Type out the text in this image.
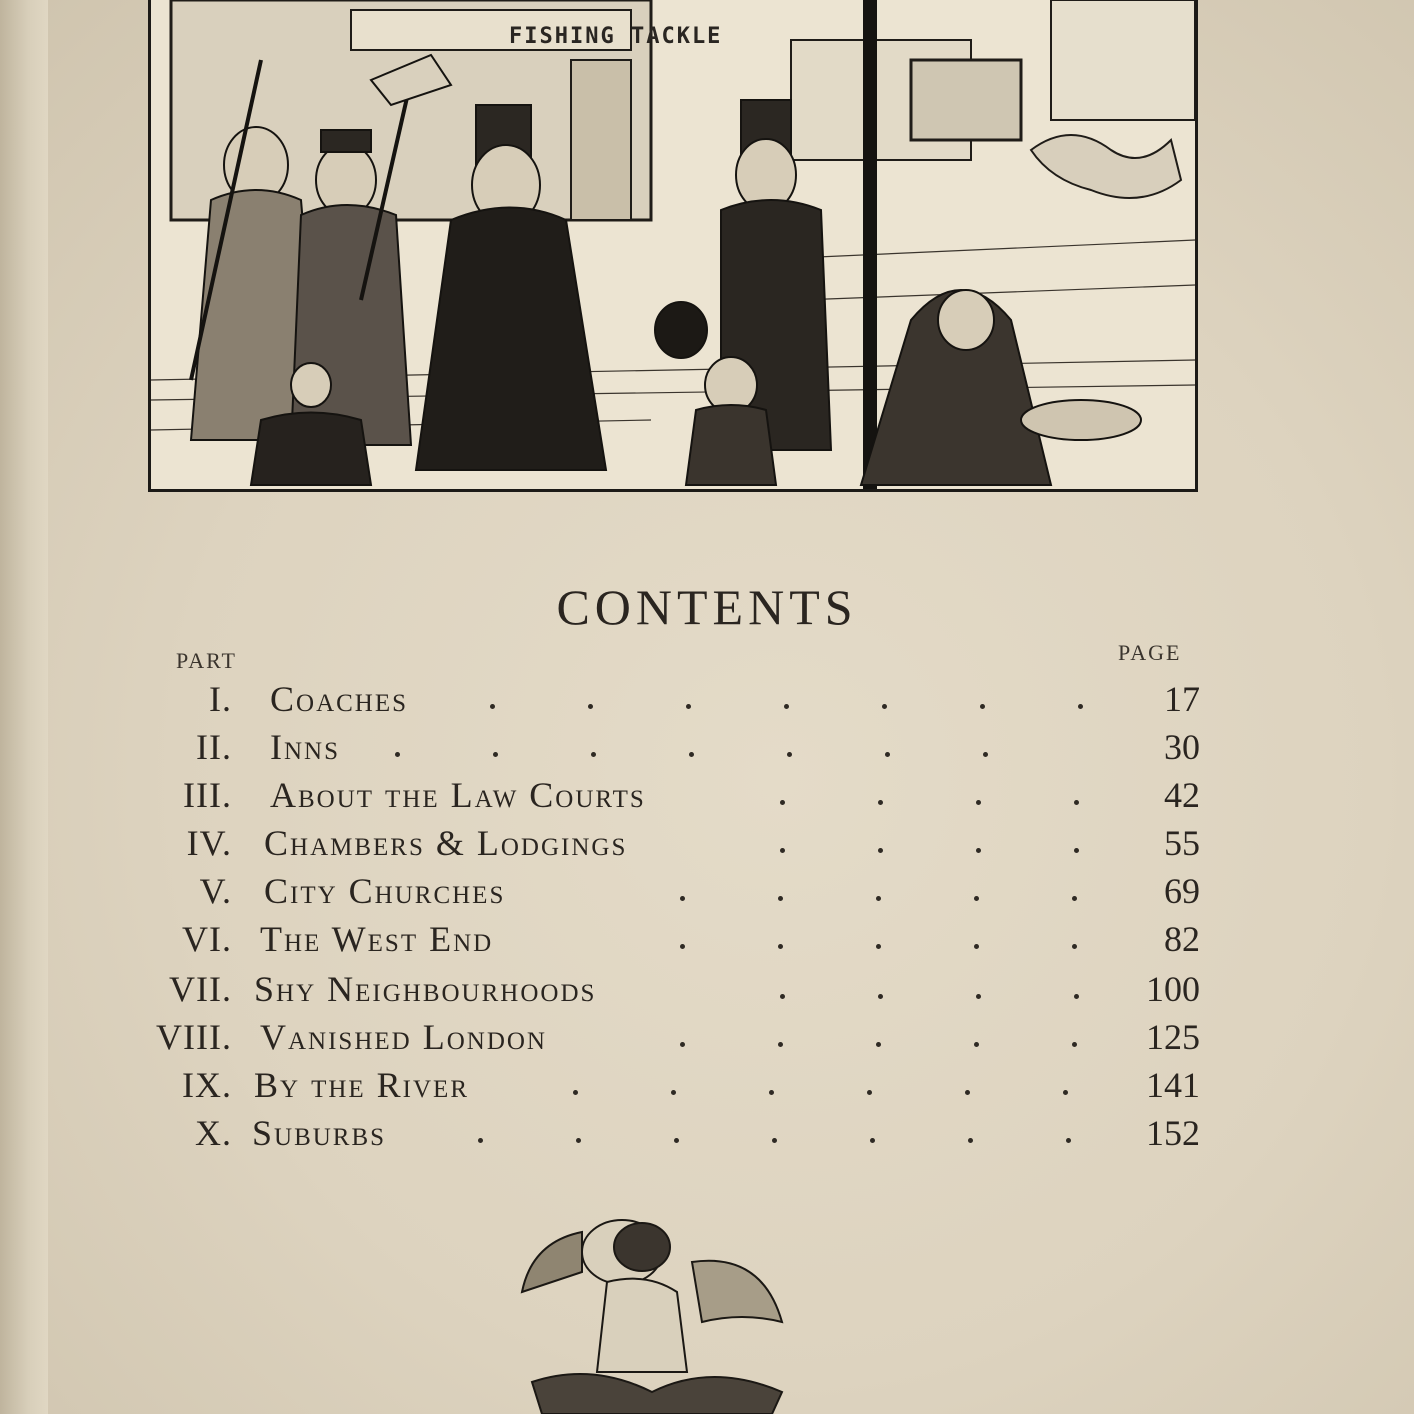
FISHING TACKLE
CONTENTS
PART	PAGE
I. Coaches	17
II. Inns	30
III. About the Law Courts	42
IV. Chambers & Lodgings	55
V. City Churches	69
VI. The West End	82
VII. Shy Neighbourhoods	100
VIII. Vanished London	125
IX. By the River	141
X. Suburbs	152
